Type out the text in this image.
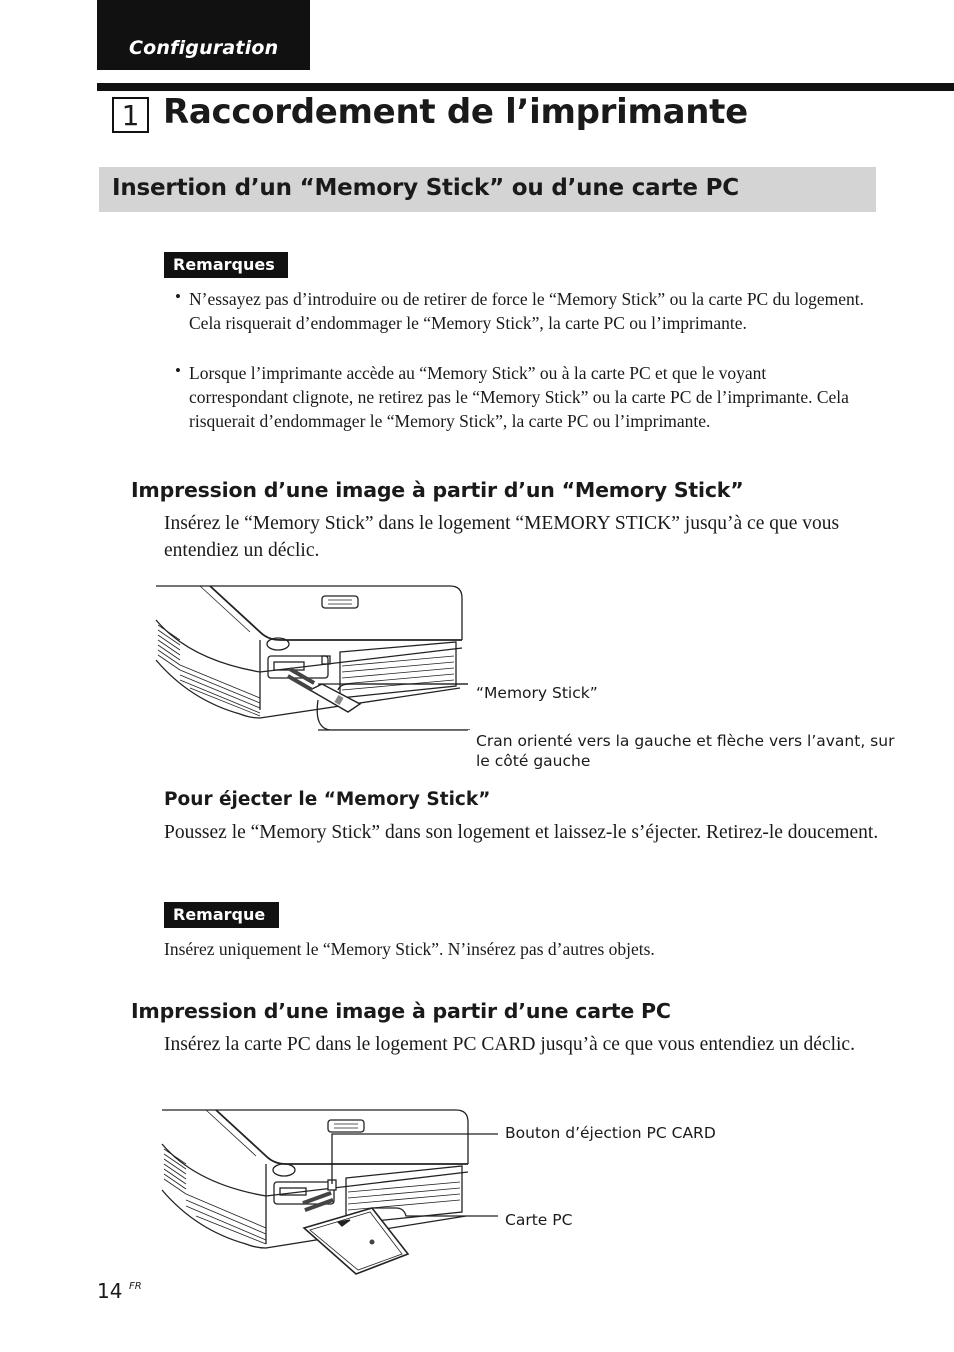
Configuration
1 Raccordement de l’imprimante
Insertion d’un “Memory Stick” ou d’une carte PC
Remarques
• N’essayez pas d’introduire ou de retirer de force le “Memory Stick” ou la carte PC du logement. Cela risquerait d’endommager le “Memory Stick”, la carte PC ou l’imprimante.
• Lorsque l’imprimante accède au “Memory Stick” ou à la carte PC et que le voyant correspondant clignote, ne retirez pas le “Memory Stick” ou la carte PC de l’imprimante. Cela risquerait d’endommager le “Memory Stick”, la carte PC ou l’imprimante.
Impression d’une image à partir d’un “Memory Stick”
Insérez le “Memory Stick” dans le logement “MEMORY STICK” jusqu’à ce que vous entendiez un déclic.
“Memory Stick”
Cran orienté vers la gauche et flèche vers l’avant, sur le côté gauche
Pour éjecter le “Memory Stick”
Poussez le “Memory Stick” dans son logement et laissez-le s’éjecter. Retirez-le doucement.
Remarque
Insérez uniquement le “Memory Stick”. N’insérez pas d’autres objets.
Impression d’une image à partir d’une carte PC
Insérez la carte PC dans le logement PC CARD jusqu’à ce que vous entendiez un déclic.
Bouton d’éjection PC CARD
Carte PC
14 FR
